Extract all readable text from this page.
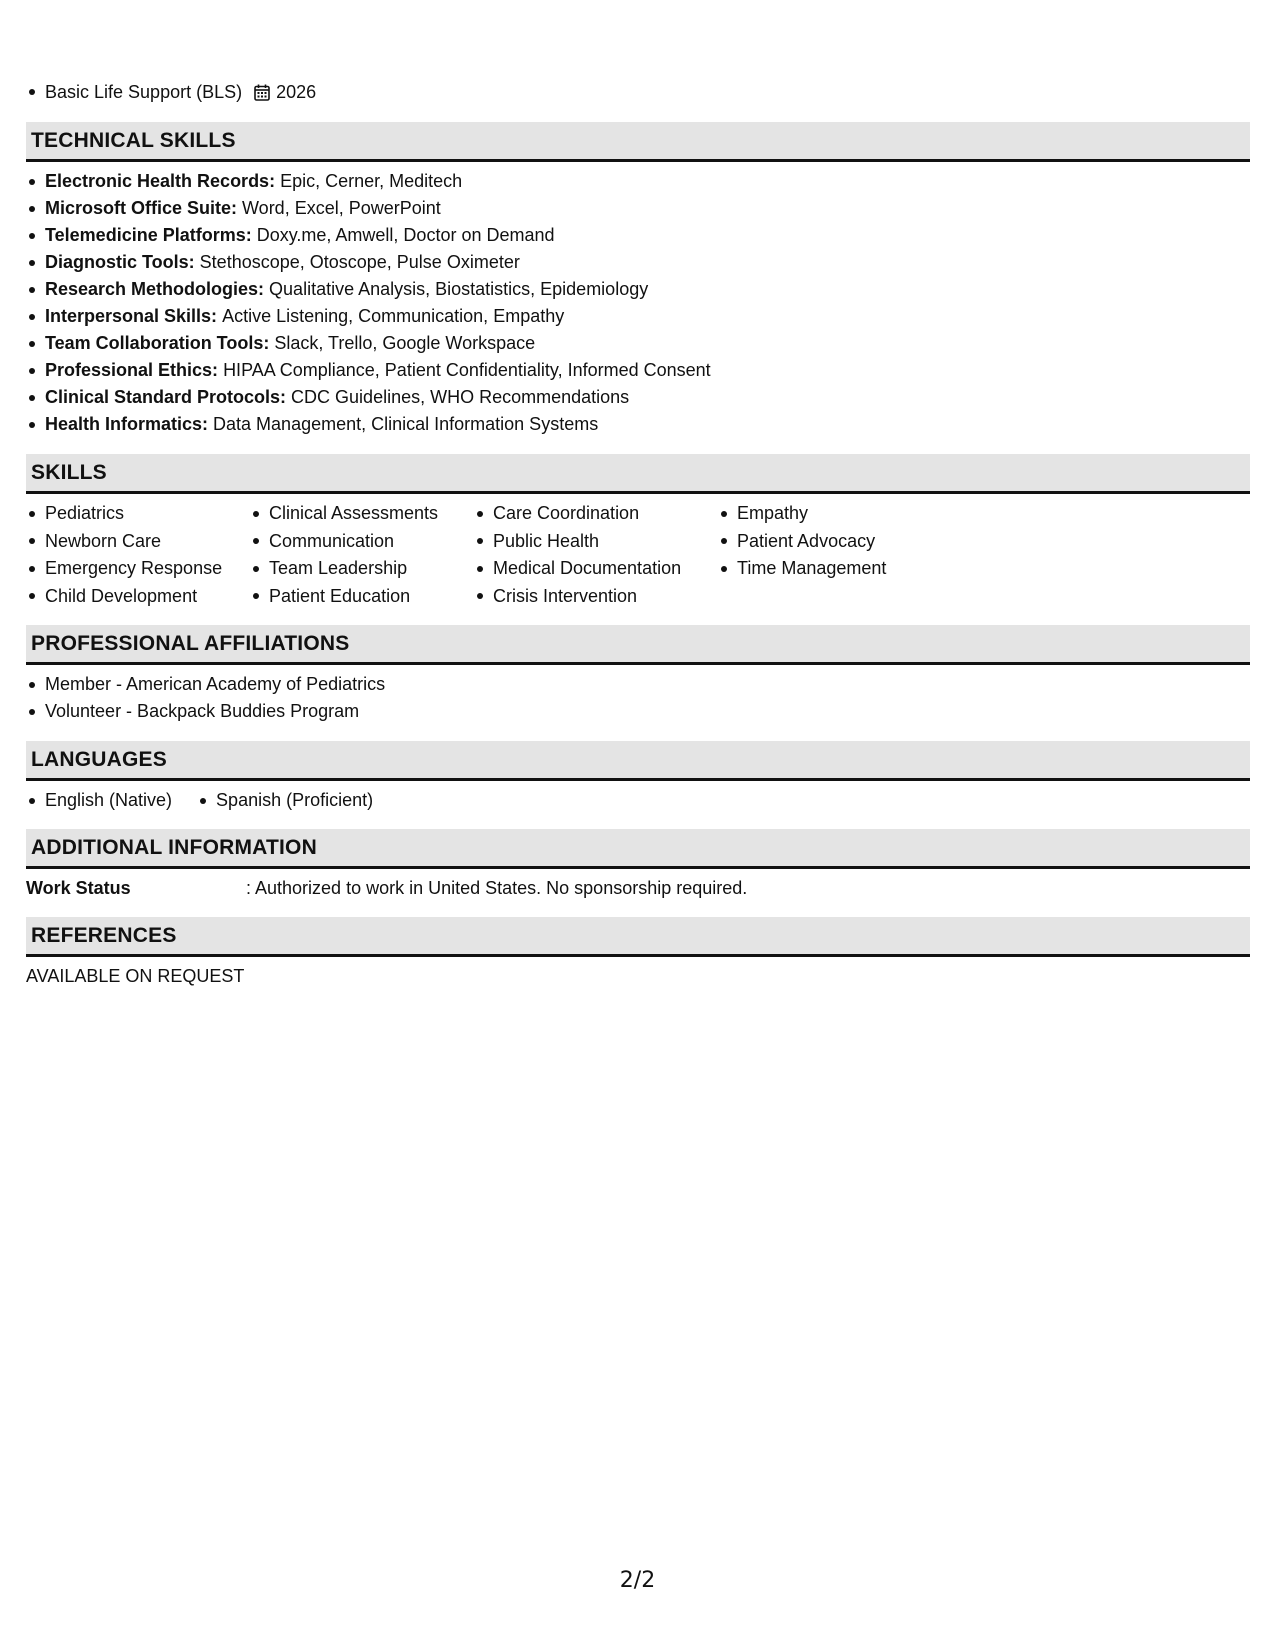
Basic Life Support (BLS) 2026
TECHNICAL SKILLS
Electronic Health Records: Epic, Cerner, Meditech
Microsoft Office Suite: Word, Excel, PowerPoint
Telemedicine Platforms: Doxy.me, Amwell, Doctor on Demand
Diagnostic Tools: Stethoscope, Otoscope, Pulse Oximeter
Research Methodologies: Qualitative Analysis, Biostatistics, Epidemiology
Interpersonal Skills: Active Listening, Communication, Empathy
Team Collaboration Tools: Slack, Trello, Google Workspace
Professional Ethics: HIPAA Compliance, Patient Confidentiality, Informed Consent
Clinical Standard Protocols: CDC Guidelines, WHO Recommendations
Health Informatics: Data Management, Clinical Information Systems
SKILLS
Pediatrics
Newborn Care
Emergency Response
Child Development
Clinical Assessments
Communication
Team Leadership
Patient Education
Care Coordination
Public Health
Medical Documentation
Crisis Intervention
Empathy
Patient Advocacy
Time Management
PROFESSIONAL AFFILIATIONS
Member - American Academy of Pediatrics
Volunteer - Backpack Buddies Program
LANGUAGES
English (Native) Spanish (Proficient)
ADDITIONAL INFORMATION
Work Status	: Authorized to work in United States. No sponsorship required.
REFERENCES
AVAILABLE ON REQUEST
2/2
